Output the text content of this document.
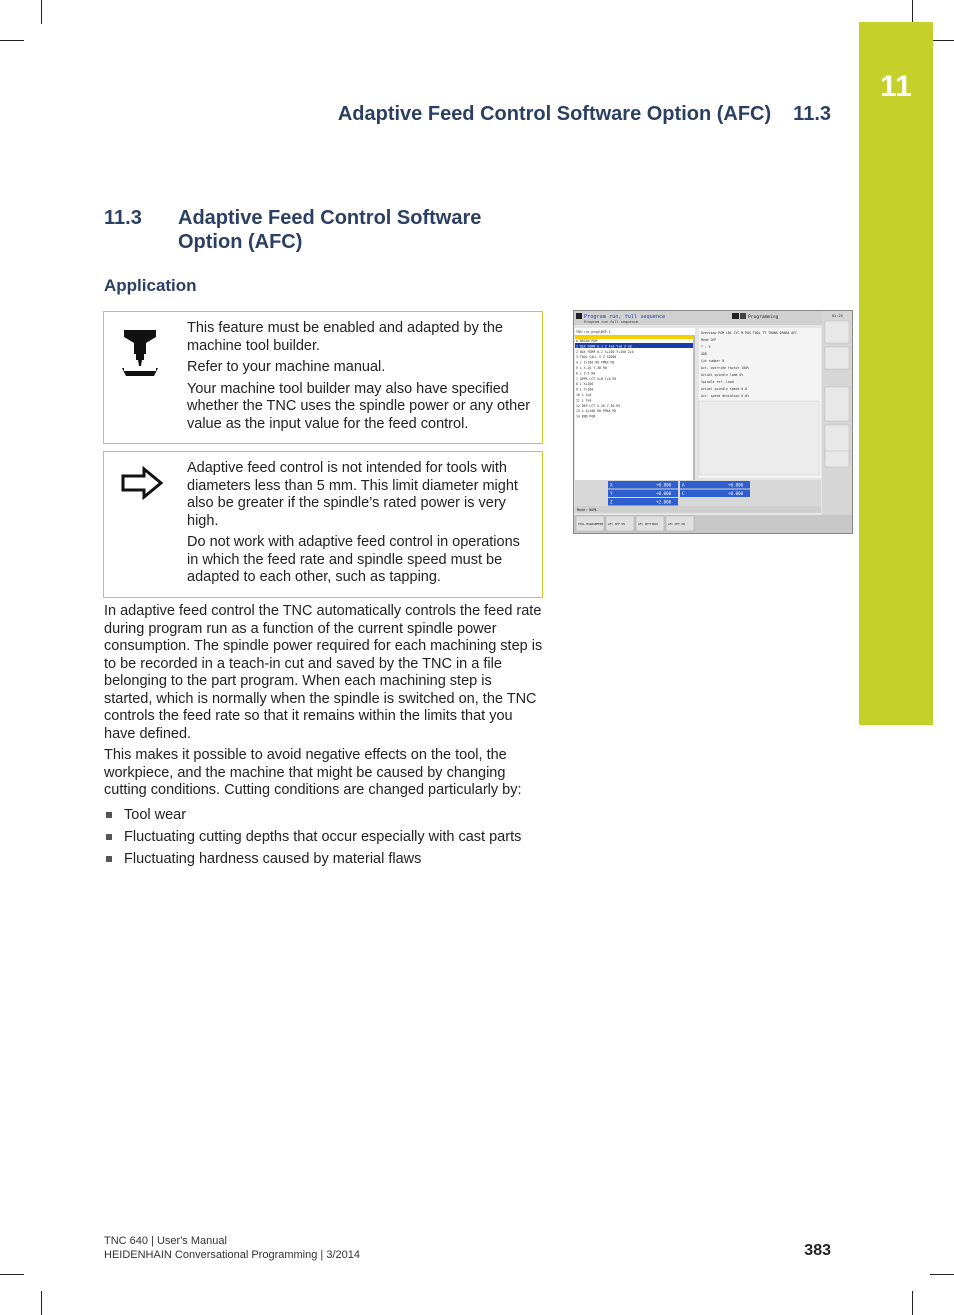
11
Adaptive Feed Control Software Option (AFC) 11.3
11.3 Adaptive Feed Control Software Option (AFC)
Application

This feature must be enabled and adapted by the machine tool builder.

Refer to your machine manual.

Your machine tool builder may also have specified whether the TNC uses the spindle power or any other value as the input value for the feed control.

Adaptive feed control is not intended for tools with diameters less than 5 mm. This limit diameter might also be greater if the spindle’s rated power is very high.

Do not work with adaptive feed control in operations in which the feed rate and spindle speed must be adapted to each other, such as tapping.

In adaptive feed control the TNC automatically controls the feed rate during program run as a function of the current spindle power consumption. The spindle power required for each machining step is to be recorded in a teach-in cut and saved by the TNC in a file belonging to the part program. When each machining step is started, which is normally when the spindle is switched on, the TNC controls the feed rate so that it remains within the limits that you have defined.

This makes it possible to avoid negative effects on the tool, the workpiece, and the machine that might be caused by changing cutting conditions. Cutting conditions are changed particularly by:

Tool wear
Fluctuating cutting depths that occur especially with cast parts
Fluctuating hardness caused by material flaws
Program run, full sequence
Program run full sequence
Programming	01:25
TNC:\nc_prog\BSP.I
0 BEGIN PGM
1 BLK FORM 0.1 Z X+0 Y+0 Z-20
2 BLK FORM 0.2 X+100 Y+100 Z+0
3 TOOL CALL 5 Z S2000
4 L Z+100 R0 FMAX M3
5 L X-20 Y-30 R0
6 L Z-5 R0
7 APPR LCT X+0 Y+0 R5
8 L X+100
9 L Y+100
10 L X+0
11 L Y+0
12 DEP LCT X-20 Y-30 R5
13 L Z+100 R0 FMAX M2
14 END PGM
Overview PGM LBL CYC M POS TOOL TT TRANS QPARA AFC
Mode OFF
T : 5
ADD
Cut number 0
Act. override factor 100%
Actual spindle load 0%
Spindle ref. load
Actual spindle speed 0.0
Act. speed deviation 0.0%
X	+0.000	A	+0.000
Y	+0.000	C	+0.000
Z	+2.000
Mode: NOML
TOOL MANAGEMENT AFC OFF ON	AFC SETTINGS	AFC OFF ON
TNC 640 | User's Manual
HEIDENHAIN Conversational Programming | 3/2014	383
